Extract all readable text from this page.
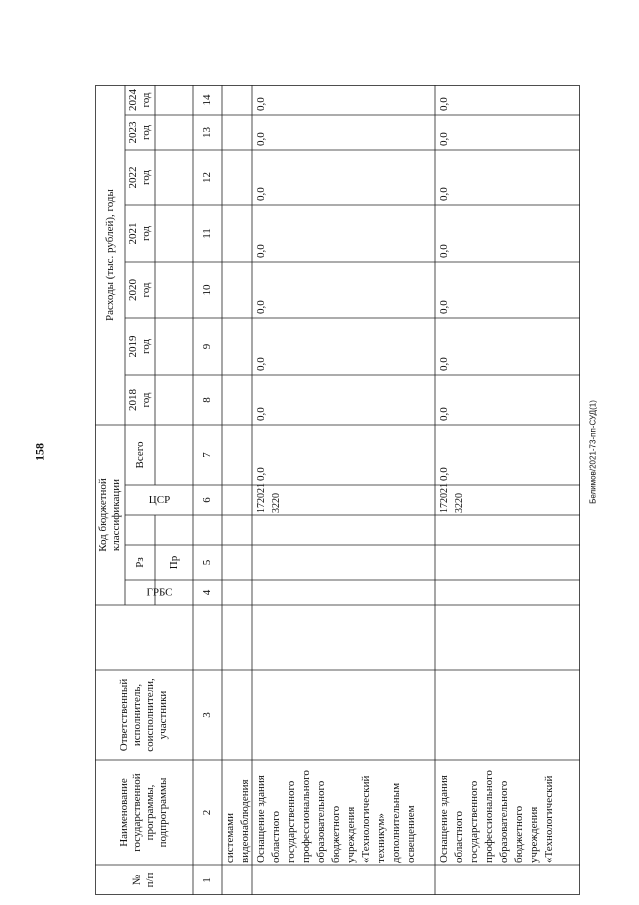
158	Белимов/2021-73-пп-СУД(1)
№
п/п
Наименование
государственной
программы,
подпрограммы
Ответственный
исполнитель,
соисполнители,
участники
Код бюджетной
классификации
Расходы (тыс. рублей), годы
ГРБС
Рз	Пр
ЦСР
Всего
2018
год
2019
год
2020
год
2021
год
2022
год
2023
год
2024
год
1
2
3
4
5
6
7
8
9
10
11
12
13
14
системами
видеонаблюдения Оснащение здания
областного
государственного
профессионального
образовательного
бюджетного
учреждения
«Технологический
техникум»
дополнительным
освещением
172021
3220
0,0
0,0
0,0
0,0
0,0
0,0
0,0
0,0
Оснащение здания
областного
государственного
профессионального
образовательного
бюджетного
учреждения
«Технологический
172021
3220
0,0
0,0
0,0
0,0
0,0
0,0
0,0
0,0
